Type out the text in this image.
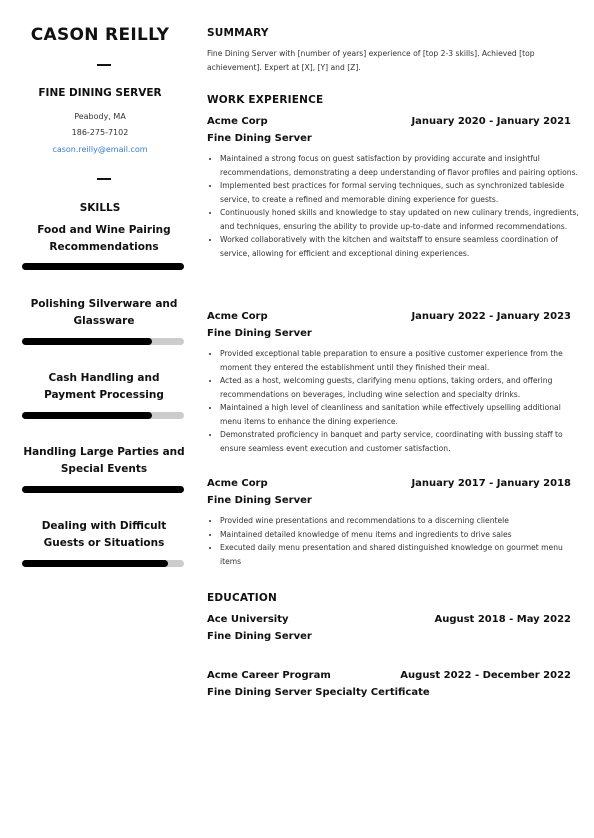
CASON REILLY
FINE DINING SERVER
Peabody, MA
186-275-7102
cason.reilly@email.com
SKILLS
Food and Wine Pairing Recommendations
Polishing Silverware and Glassware
Cash Handling and Payment Processing
Handling Large Parties and Special Events
Dealing with Difficult Guests or Situations
SUMMARY
Fine Dining Server with [number of years] experience of [top 2-3 skills]. Achieved [top achievement]. Expert at [X], [Y] and [Z].
WORK EXPERIENCE
Acme Corp	January 2020 - January 2021
Fine Dining Server
• Maintained a strong focus on guest satisfaction by providing accurate and insightful recommendations, demonstrating a deep understanding of flavor profiles and pairing options.
• Implemented best practices for formal serving techniques, such as synchronized tableside service, to create a refined and memorable dining experience for guests.
• Continuously honed skills and knowledge to stay updated on new culinary trends, ingredients, and techniques, ensuring the ability to provide up-to-date and informed recommendations.
• Worked collaboratively with the kitchen and waitstaff to ensure seamless coordination of service, allowing for efficient and exceptional dining experiences.
Acme Corp	January 2022 - January 2023
Fine Dining Server
• Provided exceptional table preparation to ensure a positive customer experience from the moment they entered the establishment until they finished their meal.
• Acted as a host, welcoming guests, clarifying menu options, taking orders, and offering recommendations on beverages, including wine selection and specialty drinks.
• Maintained a high level of cleanliness and sanitation while effectively upselling additional menu items to enhance the dining experience.
• Demonstrated proficiency in banquet and party service, coordinating with bussing staff to ensure seamless event execution and customer satisfaction.
Acme Corp	January 2017 - January 2018
Fine Dining Server
• Provided wine presentations and recommendations to a discerning clientele
• Maintained detailed knowledge of menu items and ingredients to drive sales
• Executed daily menu presentation and shared distinguished knowledge on gourmet menu items
EDUCATION
Ace University	August 2018 - May 2022
Fine Dining Server
Acme Career Program	August 2022 - December 2022
Fine Dining Server Specialty Certificate
